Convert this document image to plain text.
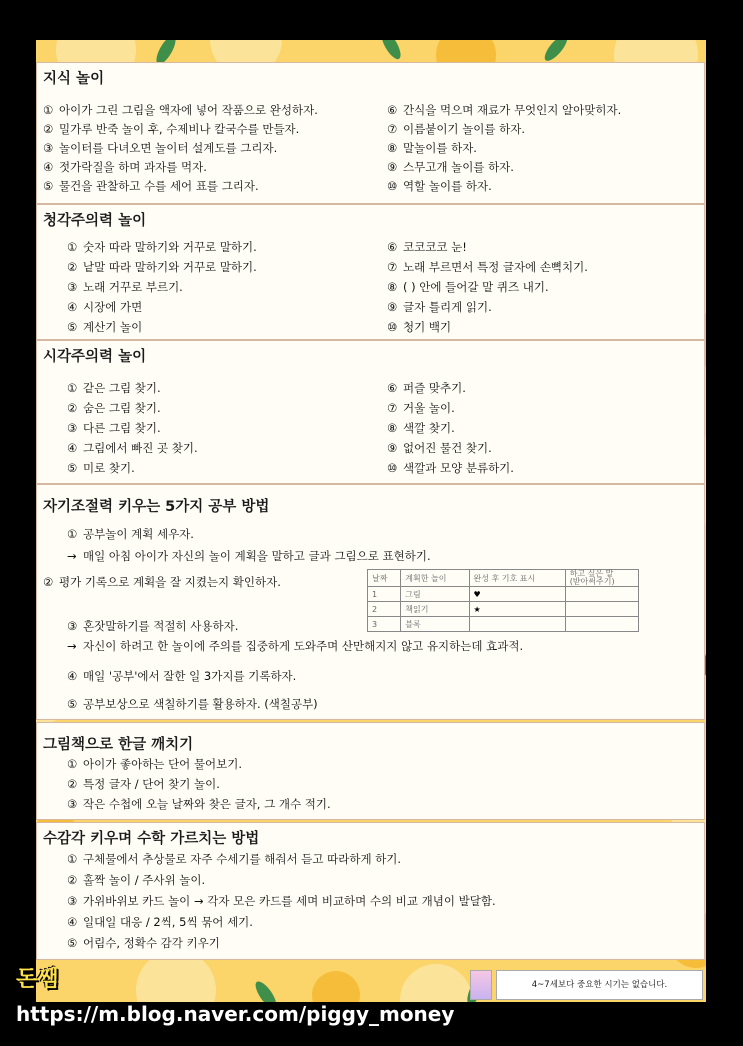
지식 놀이
① 아이가 그린 그림을 액자에 넣어 작품으로 완성하자.
② 밀가루 반죽 놀이 후, 수제비나 칼국수를 만들자.
③ 놀이터를 다녀오면 놀이터 설계도를 그리자.
④ 젓가락질을 하며 과자를 먹자.
⑤ 물건을 관찰하고 수를 세어 표를 그리자.
⑥ 간식을 먹으며 재료가 무엇인지 알아맞히자.
⑦ 이름붙이기 놀이를 하자.
⑧ 말놀이를 하자.
⑨ 스무고개 놀이를 하자.
⑩ 역할 놀이를 하자.
청각주의력 놀이
① 숫자 따라 말하기와 거꾸로 말하기.
② 낱말 따라 말하기와 거꾸로 말하기.
③ 노래 거꾸로 부르기.
④ 시장에 가면
⑤ 계산기 놀이
⑥ 코코코코 눈!
⑦ 노래 부르면서 특정 글자에 손뼉치기.
⑧ ( ) 안에 들어갈 말 퀴즈 내기.
⑨ 글자 틀리게 읽기.
⑩ 청기 백기
시각주의력 놀이
① 같은 그림 찾기.
② 숨은 그림 찾기.
③ 다른 그림 찾기.
④ 그림에서 빠진 곳 찾기.
⑤ 미로 찾기.
⑥ 퍼즐 맞추기.
⑦ 거울 놀이.
⑧ 색깔 찾기.
⑨ 없어진 물건 찾기.
⑩ 색깔과 모양 분류하기.
자기조절력 키우는 5가지 공부 방법
① 공부놀이 계획 세우자.
→ 매일 아침 아이가 자신의 놀이 계획을 말하고 글과 그림으로 표현하기.
② 평가 기록으로 계획을 잘 지켰는지 확인하자.	날짜	계획한 놀이	완성 후 기호 표시	하고 싶은 말
(받아써주기)
1	그림	♥	
2	책읽기	★	
3	블록		
③ 혼잣말하기를 적절히 사용하자.
→ 자신이 하려고 한 놀이에 주의를 집중하게 도와주며 산만해지지 않고 유지하는데 효과적.
④ 매일 '공부'에서 잘한 일 3가지를 기록하자.
⑤ 공부보상으로 색칠하기를 활용하자. (색칠공부)
그림책으로 한글 깨치기
① 아이가 좋아하는 단어 물어보기.
② 특정 글자 / 단어 찾기 놀이.
③ 작은 수첩에 오늘 날짜와 찾은 글자, 그 개수 적기.
수감각 키우며 수학 가르치는 방법
① 구체물에서 추상물로 자주 수세기를 해줘서 듣고 따라하게 하기.
② 홀짝 놀이 / 주사위 놀이.
③ 가위바위보 카드 놀이 → 각자 모은 카드를 세며 비교하며 수의 비교 개념이 발달함.
④ 일대일 대응 / 2씩, 5씩 묶어 세기.
⑤ 어림수, 정확수 감각 키우기
4~7세보다 중요한 시기는 없습니다.
돈쌤
https://m.blog.naver.com/piggy_money
